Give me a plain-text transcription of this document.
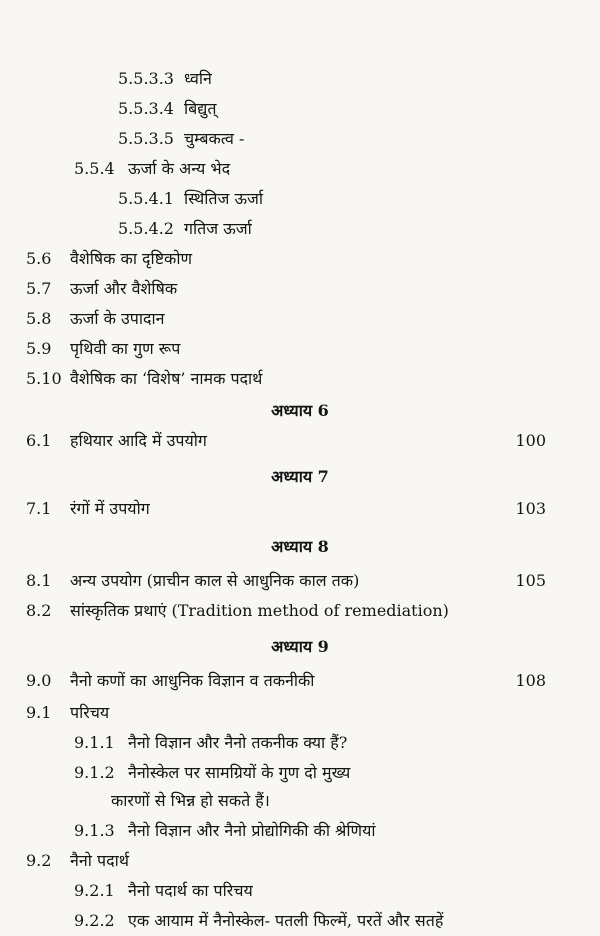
5.5.3.3 ध्वनि
5.5.3.4 बिद्युत्
5.5.3.5 चुम्बकत्व -
5.5.4 ऊर्जा के अन्य भेद
5.5.4.1 स्थितिज ऊर्जा
5.5.4.2 गतिज ऊर्जा
5.6 वैशेषिक का दृष्टिकोण
5.7 ऊर्जा और वैशेषिक
5.8 ऊर्जा के उपादान
5.9 पृथिवी का गुण रूप
5.10 वैशेषिक का ‘विशेष’ नामक पदार्थ
अध्याय 6
6.1 हथियार आदि में उपयोग	100
अध्याय 7
7.1 रंगों में उपयोग	103
अध्याय 8
8.1 अन्य उपयोग (प्राचीन काल से आधुनिक काल तक)	105
8.2 सांस्कृतिक प्रथाएं (Tradition method of remediation)
अध्याय 9
9.0 नैनो कणों का आधुनिक विज्ञान व तकनीकी	108
9.1 परिचय
9.1.1 नैनो विज्ञान और नैनो तकनीक क्या हैं?
9.1.2 नैनोस्केल पर सामग्रियों के गुण दो मुख्य
कारणों से भिन्न हो सकते हैं।
9.1.3 नैनो विज्ञान और नैनो प्रोद्योगिकी की श्रेणियां
9.2 नैनो पदार्थ
9.2.1 नैनो पदार्थ का परिचय
9.2.2 एक आयाम में नैनोस्केल- पतली फिल्में, परतें और सतहें
